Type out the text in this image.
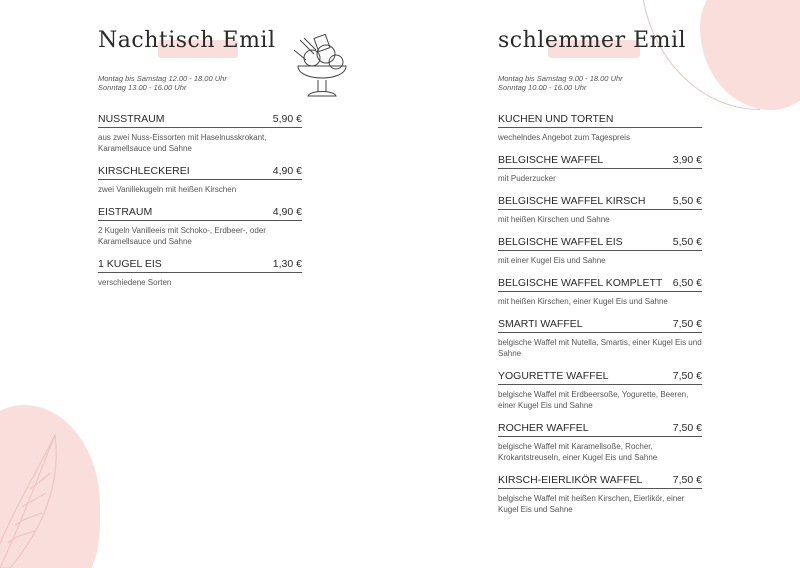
Nachtisch Emil
Montag bis Samstag 12.00 - 18.00 Uhr
Sonntag 13.00 - 16.00 Uhr
NUSSTRAUM	5,90 €
aus zwei Nuss-Eissorten mit Haselnusskrokant, Karamellsauce und Sahne
KIRSCHLECKEREI	4,90 €
zwei Vanillekugeln mit heißen Kirschen
EISTRAUM	4,90 €
2 Kugeln Vanilleeis mit Schoko-, Erdbeer-, oder Karamellsauce und Sahne
1 KUGEL EIS	1,30 €
verschiedene Sorten
schlemmer Emil
Montag bis Samstag 9.00 - 18.00 Uhr
Sonntag 10.00 - 16.00 Uhr
KUCHEN UND TORTEN
wechelndes Angebot zum Tagespreis
BELGISCHE WAFFEL	3,90 €
mit Puderzucker
BELGISCHE WAFFEL KIRSCH	5,50 €
mit heißen Kirschen und Sahne
BELGISCHE WAFFEL EIS	5,50 €
mit einer Kugel Eis und Sahne
BELGISCHE WAFFEL KOMPLETT 6,50 €
mit heißen Kirschen, einer Kugel Eis und Sahne
SMARTI WAFFEL	7,50 €
belgische Waffel mit Nutella, Smartis, einer Kugel Eis und Sahne
YOGURETTE WAFFEL	7,50 €
belgische Waffel mit Erdbeersoße, Yogurette, Beeren, einer Kugel Eis und Sahne
ROCHER WAFFEL	7,50 €
belgische Waffel mit Karamellsoße, Rocher, Krokantstreuseln, einer Kugel Eis und Sahne
KIRSCH-EIERLIKÖR WAFFEL	7,50 €
belgische Waffel mit heißen Kirschen, Eierlikör, einer Kugel Eis und Sahne
